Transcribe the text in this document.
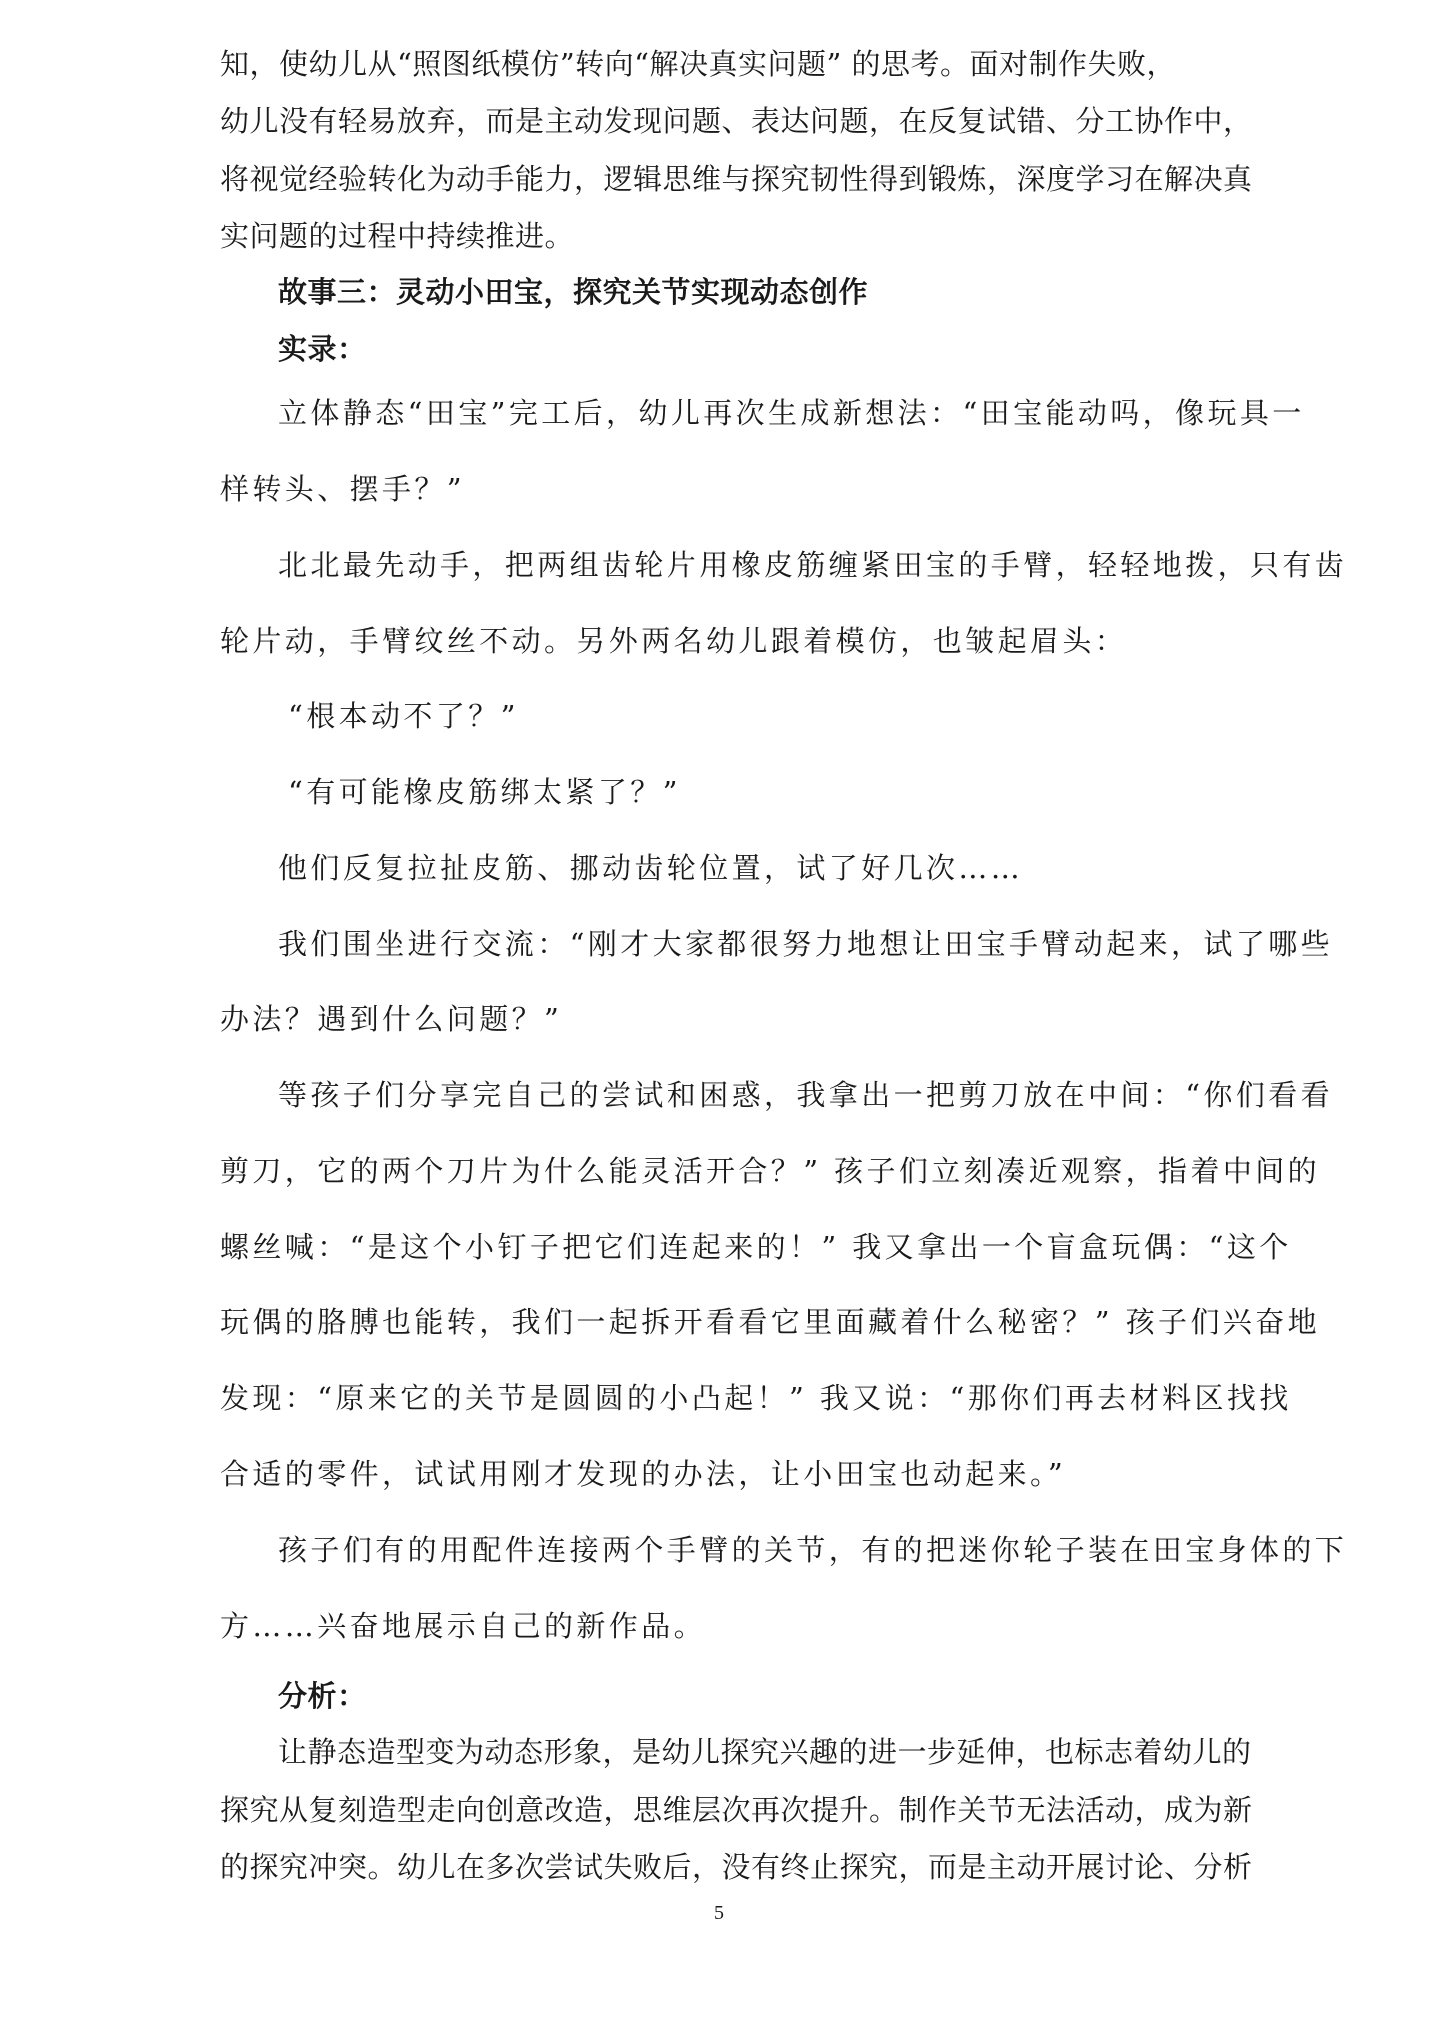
知，使幼儿从“照图纸模仿”转向“解决真实问题” 的思考。面对制作失败，
幼儿没有轻易放弃，而是主动发现问题、表达问题，在反复试错、分工协作中，
将视觉经验转化为动手能力，逻辑思维与探究韧性得到锻炼，深度学习在解决真
实问题的过程中持续推进。
故事三：灵动小田宝，探究关节实现动态创作
实录：
立体静态“田宝”完工后，幼儿再次生成新想法：“田宝能动吗，像玩具一
样转头、摆手？”
北北最先动手，把两组齿轮片用橡皮筋缠紧田宝的手臂，轻轻地拨，只有齿
轮片动，手臂纹丝不动。另外两名幼儿跟着模仿，也皱起眉头：
“根本动不了？”
“有可能橡皮筋绑太紧了？”
他们反复拉扯皮筋、挪动齿轮位置，试了好几次……
我们围坐进行交流：“刚才大家都很努力地想让田宝手臂动起来，试了哪些
办法？遇到什么问题？”
等孩子们分享完自己的尝试和困惑，我拿出一把剪刀放在中间：“你们看看
剪刀，它的两个刀片为什么能灵活开合？” 孩子们立刻凑近观察，指着中间的
螺丝喊：“是这个小钉子把它们连起来的！” 我又拿出一个盲盒玩偶：“这个
玩偶的胳膊也能转，我们一起拆开看看它里面藏着什么秘密？” 孩子们兴奋地
发现：“原来它的关节是圆圆的小凸起！” 我又说：“那你们再去材料区找找
合适的零件，试试用刚才发现的办法，让小田宝也动起来。”
孩子们有的用配件连接两个手臂的关节，有的把迷你轮子装在田宝身体的下
方……兴奋地展示自己的新作品。
分析：
让静态造型变为动态形象，是幼儿探究兴趣的进一步延伸，也标志着幼儿的
探究从复刻造型走向创意改造，思维层次再次提升。制作关节无法活动，成为新
的探究冲突。幼儿在多次尝试失败后，没有终止探究，而是主动开展讨论、分析
5
